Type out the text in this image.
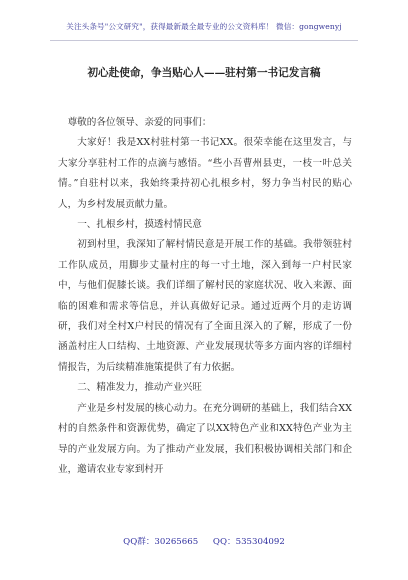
关注头条号"公文研究"，获得最新最全最专业的公文资料库！ 微信：gongwenyj
初心赴使命，争当贴心人——驻村第一书记发言稿

尊敬的各位领导、亲爱的同事们：

大家好！我是XX村驻村第一书记XX。很荣幸能在这里发言，与大家分享驻村工作的点滴与感悟。“些小吾曹州县吏，一枝一叶总关情。”自驻村以来，我始终秉持初心扎根乡村，努力争当村民的贴心人，为乡村发展贡献力量。

一、扎根乡村，摸透村情民意

初到村里，我深知了解村情民意是开展工作的基础。我带领驻村工作队成员，用脚步丈量村庄的每一寸土地，深入到每一户村民家中，与他们促膝长谈。我们详细了解村民的家庭状况、收入来源、面临的困难和需求等信息，并认真做好记录。通过近两个月的走访调研，我们对全村X户村民的情况有了全面且深入的了解，形成了一份涵盖村庄人口结构、土地资源、产业发展现状等多方面内容的详细村情报告，为后续精准施策提供了有力依据。

二、精准发力，推动产业兴旺

产业是乡村发展的核心动力。在充分调研的基础上，我们结合XX村的自然条件和资源优势，确定了以XX特色产业和XX特色产业为主导的产业发展方向。为了推动产业发展，我们积极协调相关部门和企业，邀请农业专家到村开

QQ群：30265665 QQ：535304092
